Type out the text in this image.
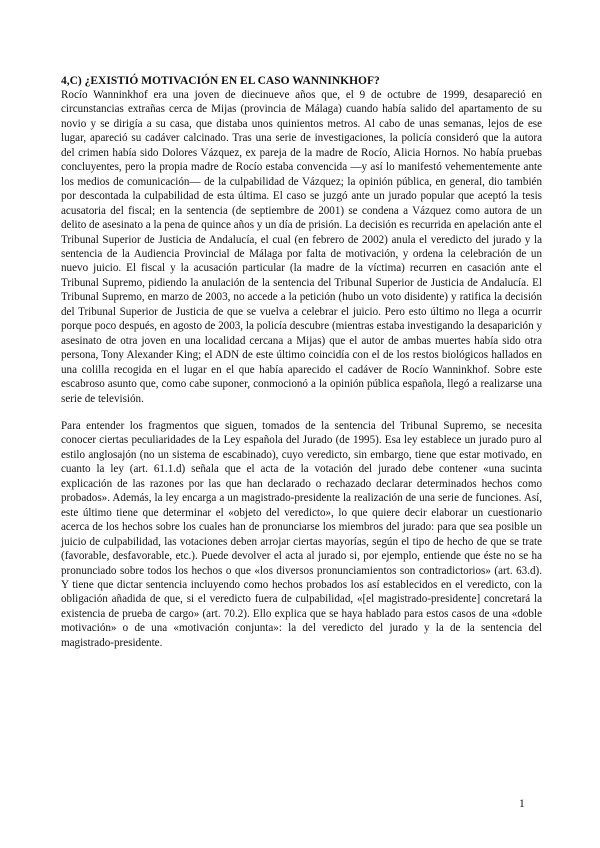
4,C) ¿EXISTIÓ MOTIVACIÓN EN EL CASO WANNINKHOF?

Rocío Wanninkhof era una joven de diecinueve años que, el 9 de octubre de 1999, desapareció en circunstancias extrañas cerca de Mijas (provincia de Málaga) cuando había salido del apartamento de su novio y se dirigía a su casa, que distaba unos quinientos metros. Al cabo de unas semanas, lejos de ese lugar, apareció su cadáver calcinado. Tras una serie de investigaciones, la policía consideró que la autora del crimen había sido Dolores Vázquez, ex pareja de la madre de Rocío, Alicia Hornos. No había pruebas concluyentes, pero la propia madre de Rocío estaba convencida —y así lo manifestó vehementemente ante los medios de comunicación— de la culpabilidad de Vázquez; la opinión pública, en general, dio también por descontada la culpabilidad de esta última. El caso se juzgó ante un jurado popular que aceptó la tesis acusatoria del fiscal; en la sentencia (de septiembre de 2001) se condena a Vázquez como autora de un delito de asesinato a la pena de quince años y un día de prisión. La decisión es recurrida en apelación ante el Tribunal Superior de Justicia de Andalucía, el cual (en febrero de 2002) anula el veredicto del jurado y la sentencia de la Audiencia Provincial de Málaga por falta de motivación, y ordena la celebración de un nuevo juicio. El fiscal y la acusación particular (la madre de la víctima) recurren en casación ante el Tribunal Supremo, pidiendo la anulación de la sentencia del Tribunal Superior de Justicia de Andalucía. El Tribunal Supremo, en marzo de 2003, no accede a la petición (hubo un voto disidente) y ratifica la decisión del Tribunal Superior de Justicia de que se vuelva a celebrar el juicio. Pero esto último no llega a ocurrir porque poco después, en agosto de 2003, la policía descubre (mientras estaba investigando la desaparición y asesinato de otra joven en una localidad cercana a Mijas) que el autor de ambas muertes había sido otra persona, Tony Alexander King; el ADN de este último coincidía con el de los restos biológicos hallados en una colilla recogida en el lugar en el que había aparecido el cadáver de Rocío Wanninkhof. Sobre este escabroso asunto que, como cabe suponer, conmocionó a la opinión pública española, llegó a realizarse una serie de televisión.

Para entender los fragmentos que siguen, tomados de la sentencia del Tribunal Supremo, se necesita conocer ciertas peculiaridades de la Ley española del Jurado (de 1995). Esa ley establece un jurado puro al estilo anglosajón (no un sistema de escabinado), cuyo veredicto, sin embargo, tiene que estar motivado, en cuanto la ley (art. 61.1.d) señala que el acta de la votación del jurado debe contener «una sucinta explicación de las razones por las que han declarado o rechazado declarar determinados hechos como probados». Además, la ley encarga a un magistrado-presidente la realización de una serie de funciones. Así, este último tiene que determinar el «objeto del veredicto», lo que quiere decir elaborar un cuestionario acerca de los hechos sobre los cuales han de pronunciarse los miembros del jurado: para que sea posible un juicio de culpabilidad, las votaciones deben arrojar ciertas mayorías, según el tipo de hecho de que se trate (favorable, desfavorable, etc.). Puede devolver el acta al jurado si, por ejemplo, entiende que éste no se ha pronunciado sobre todos los hechos o que «los diversos pronunciamientos son contradictorios» (art. 63.d). Y tiene que dictar sentencia incluyendo como hechos probados los así establecidos en el veredicto, con la obligación añadida de que, si el veredicto fuera de culpabilidad, «[el magistrado-presidente] concretará la existencia de prueba de cargo» (art. 70.2). Ello explica que se haya hablado para estos casos de una «doble motivación» o de una «motivación conjunta»: la del veredicto del jurado y la de la sentencia del magistrado-presidente.

1
